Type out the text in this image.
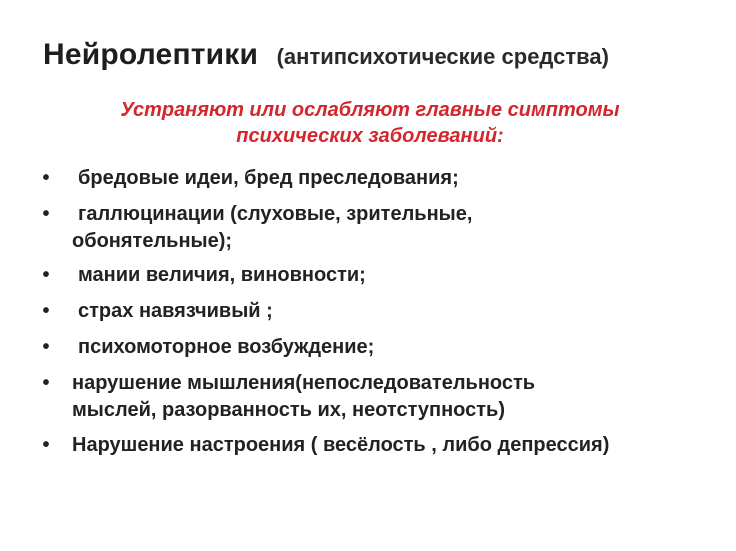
Нейролептики (антипсихотические средства)
Устраняют или ослабляют главные симптомы
психических заболеваний:
•	бредовые идеи, бред преследования;
•	галлюцинации (слуховые, зрительные,
обонятельные);
•	мании величия, виновности;
•	страх навязчивый ;
•	психомоторное возбуждение;
• нарушение мышления(непоследовательность
мыслей, разорванность их, неотступность)
• Нарушение настроения ( весёлость , либо депрессия)
